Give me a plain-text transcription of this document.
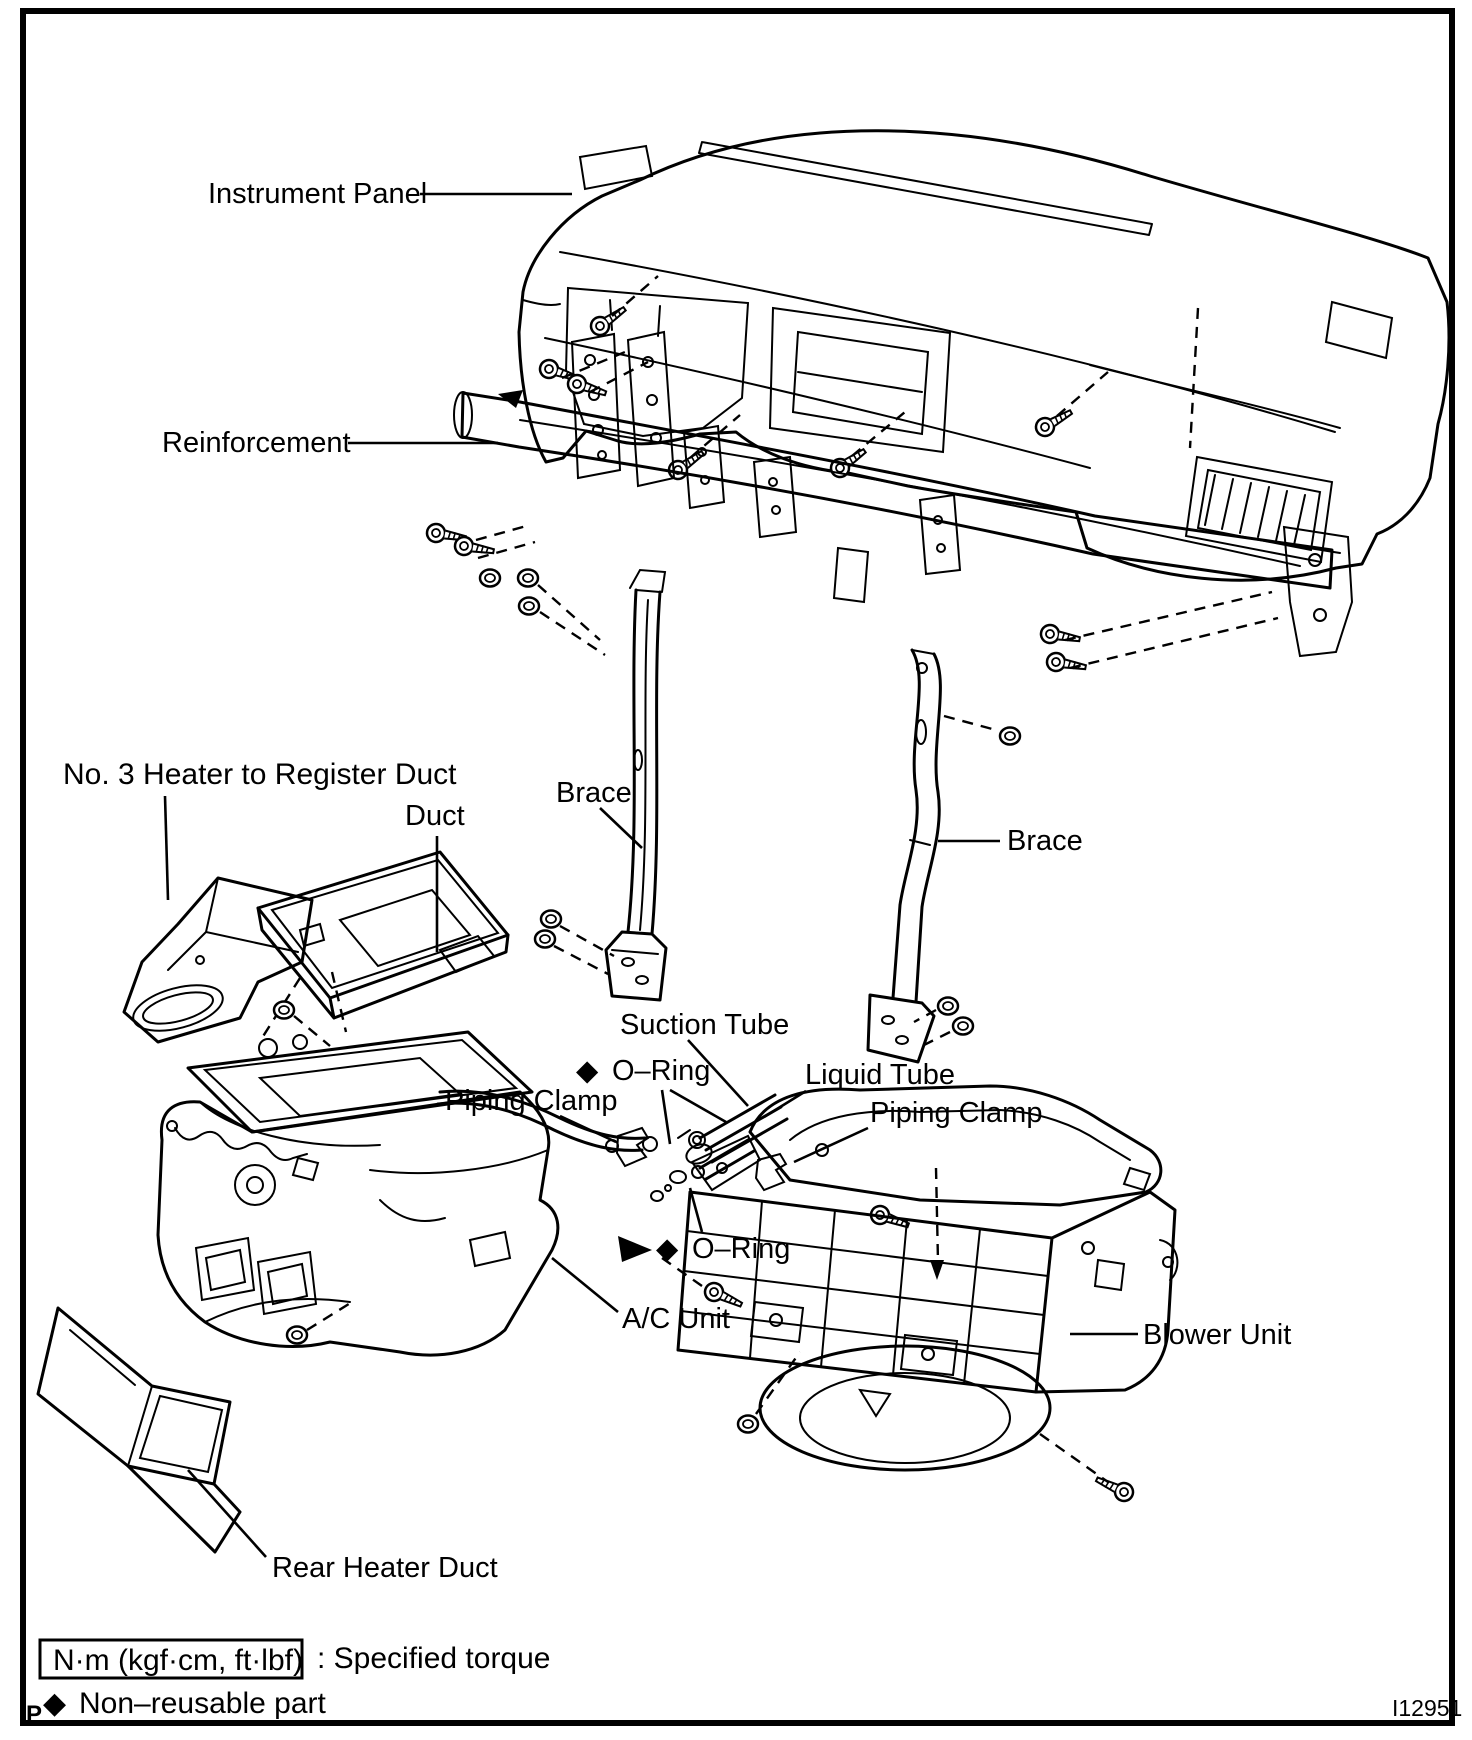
Instrument Panel
Reinforcement
No. 3 Heater to Register Duct
Duct
Brace
Brace
Suction Tube
◆ O–Ring
Piping Clamp
Liquid Tube
Piping Clamp
◆ O–Ring
A/C Unit	Blower Unit
Rear Heater Duct
N·m (kgf·cm, ft·lbf) : Specified torque
◆ Non–reusable part
P	I12951
